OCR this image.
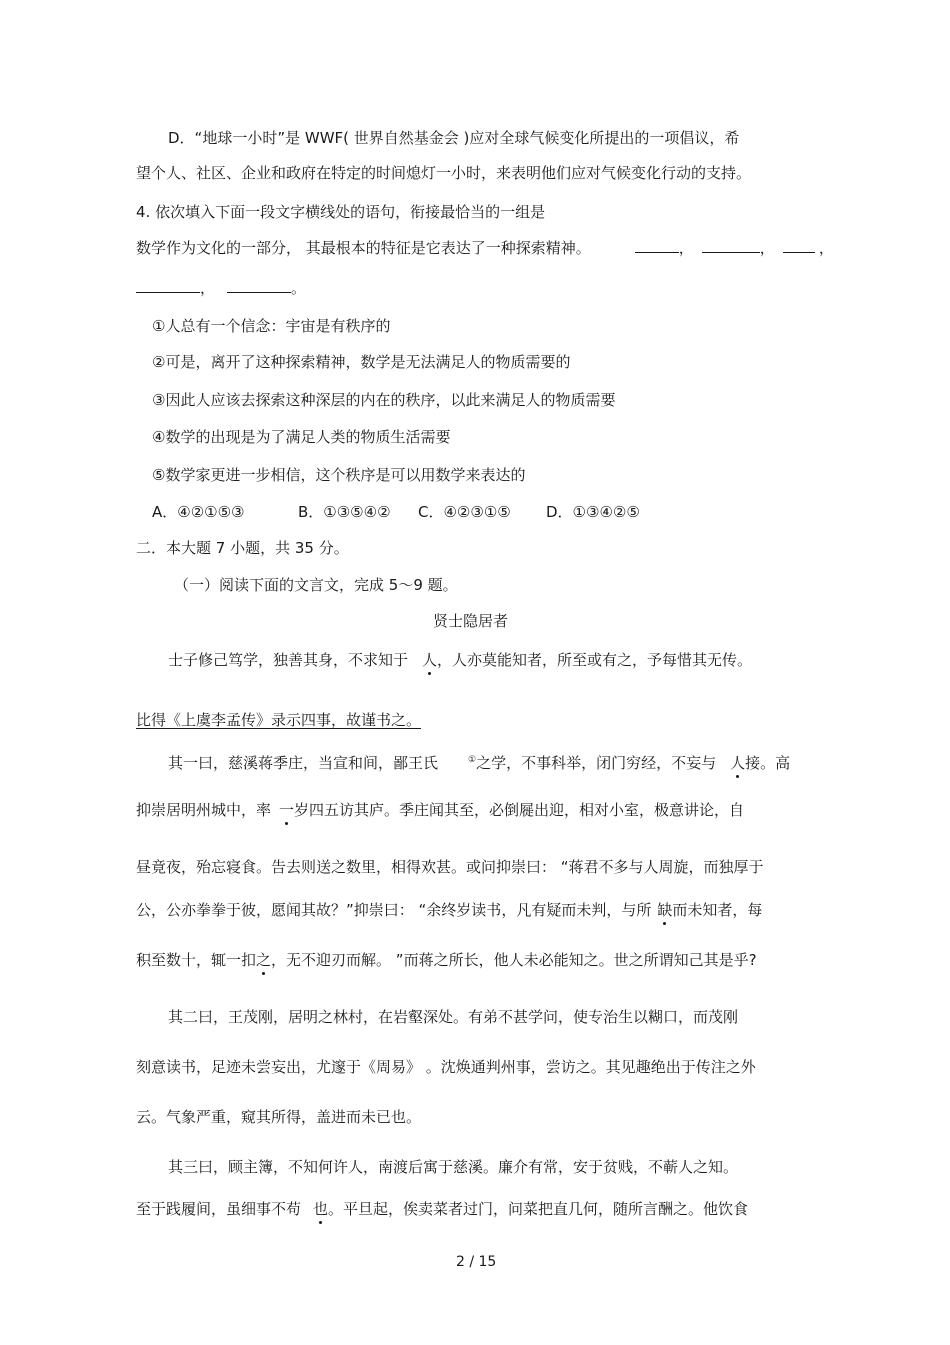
D．“地球一小时”是 WWF( 世界自然基金会 )应对全球气候变化所提出的一项倡议，希
望个人、社区、企业和政府在特定的时间熄灯一小时，来表明他们应对气候变化行动的支持。
4. 依次填入下面一段文字横线处的语句，衔接最恰当的一组是
数学作为文化的一部分， 其最根本的特征是它表达了一种探索精神。	，	，	，
，	。
①人总有一个信念：宇宙是有秩序的
②可是，离开了这种探索精神，数学是无法满足人的物质需要的
③因此人应该去探索这种深层的内在的秩序，以此来满足人的物质需要
④数学的出现是为了满足人类的物质生活需要
⑤数学家更进一步相信，这个秩序是可以用数学来表达的
A．④②①⑤③	B．①③⑤④② C．④②③①⑤ D．①③④②⑤
二．本大题 7 小题，共 35 分。
（一）阅读下面的文言文，完成 5～9 题。
贤士隐居者
士子修己笃学，独善其身，不求知于 人，人亦莫能知者，所至或有之，予每惜其无传。
比得《上虞李孟传》录示四事，故谨书之。
其一曰，慈溪蒋季庄，当宣和间，鄙王氏	①之学，不事科举，闭门穷经，不妄与 人接。高
抑崇居明州城中，率 一岁四五访其庐。季庄闻其至，必倒屣出迎，相对小室，极意讲论，自
昼竟夜，殆忘寝食。告去则送之数里，相得欢甚。或问抑崇曰： “蒋君不多与人周旋，而独厚于
公，公亦拳拳于彼，愿闻其故？”抑崇曰： “余终岁读书，凡有疑而未判，与所 缺而未知者，每
积至数十，辄一扣之，无不迎刃而解。 ”而蒋之所长，他人未必能知之。世之所谓知己其是乎?
其二曰，王茂刚，居明之林村，在岩壑深处。有弟不甚学问，使专治生以糊口，而茂刚
刻意读书，足迹未尝妄出，尤邃于《周易》 。沈焕通判州事，尝访之。其见趣绝出于传注之外
云。气象严重，窥其所得，盖进而未已也。
其三曰，顾主簿，不知何许人，南渡后寓于慈溪。廉介有常，安于贫贱，不蕲人之知。
至于践履间，虽细事不苟 也。平旦起，俟卖菜者过门，问菜把直几何，随所言酬之。他饮食
2 / 15
